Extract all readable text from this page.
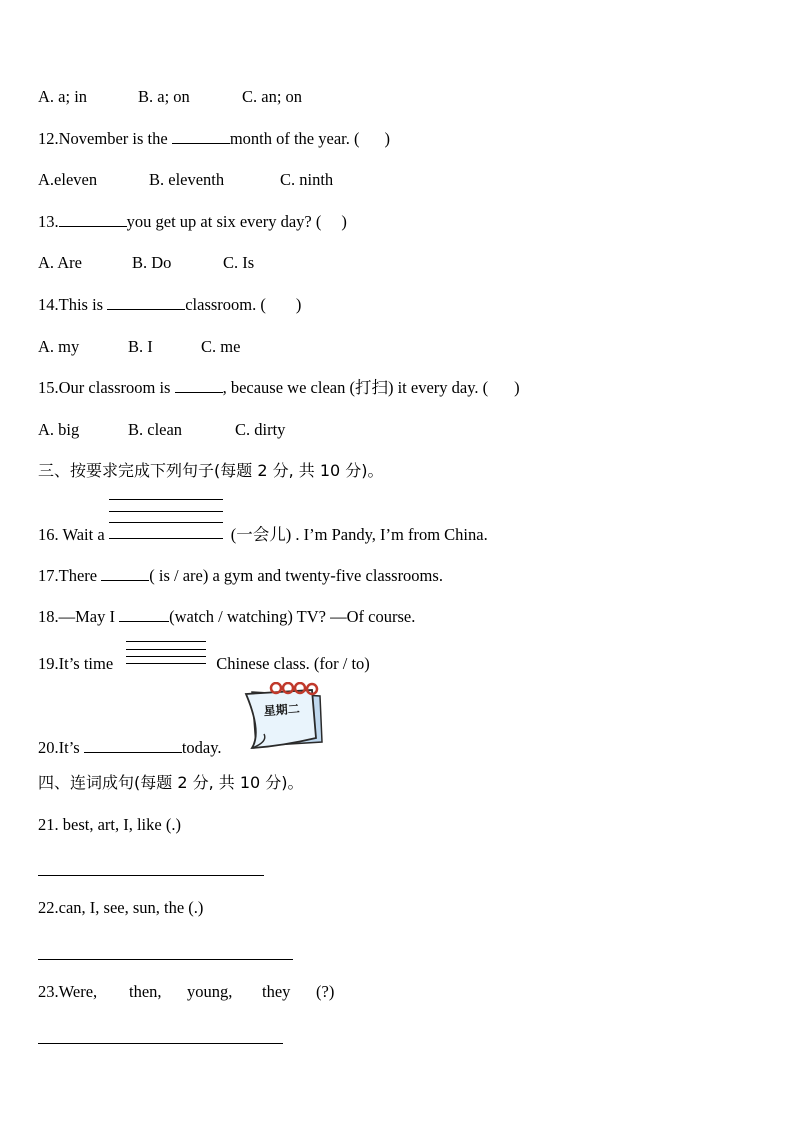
A. a; in	B. a; on	C. an; on
12.November is the	month of the year. ( )
A.eleven	B. eleventh	C. ninth
13.	you get up at six every day? ( )
A. Are	B. Do	C. Is
14.This is	classroom. ( )
A. my	B. I	C. me
15.Our classroom is	, because we clean (打扫) it every day. ( )
A. big	B. clean	C. dirty
三、按要求完成下列句子(每题 2 分, 共 10 分)。
16. Wait a	(一会儿) . I’m Pandy, I’m from China.
17.There	( is / are) a gym and twenty-five classrooms.
18.—May I	(watch / watching) TV? —Of course.
19.It’s time	Chinese class. (for / to)
20.It’s	today.
星期二
四、连词成句(每题 2 分, 共 10 分)。
21. best, art, I, like (.)
22.can, I, see, sun, the (.)
23.Were, then, young, they (?)
